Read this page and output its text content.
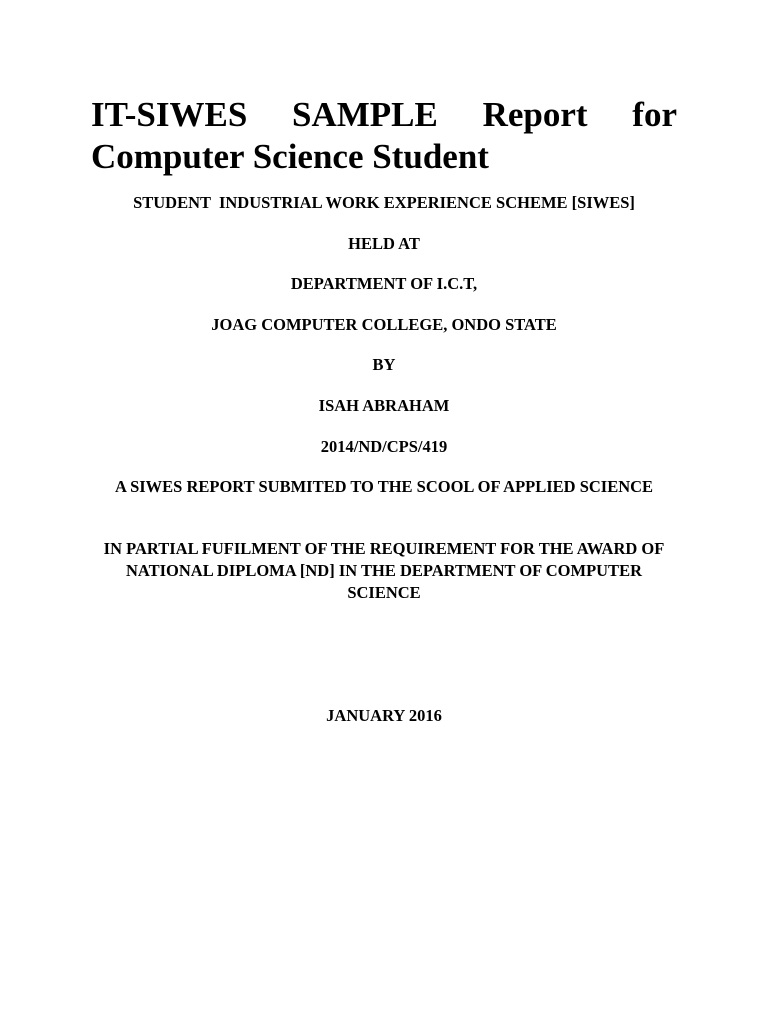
IT-SIWES SAMPLE Report for
Computer Science Student

STUDENT  INDUSTRIAL WORK EXPERIENCE SCHEME [SIWES]

HELD AT

DEPARTMENT OF I.C.T,

JOAG COMPUTER COLLEGE, ONDO STATE

BY

ISAH ABRAHAM

2014/ND/CPS/419

A SIWES REPORT SUBMITED TO THE SCOOL OF APPLIED SCIENCE

IN PARTIAL FUFILMENT OF THE REQUIREMENT FOR THE AWARD OF NATIONAL DIPLOMA [ND] IN THE DEPARTMENT OF COMPUTER SCIENCE

JANUARY 2016
